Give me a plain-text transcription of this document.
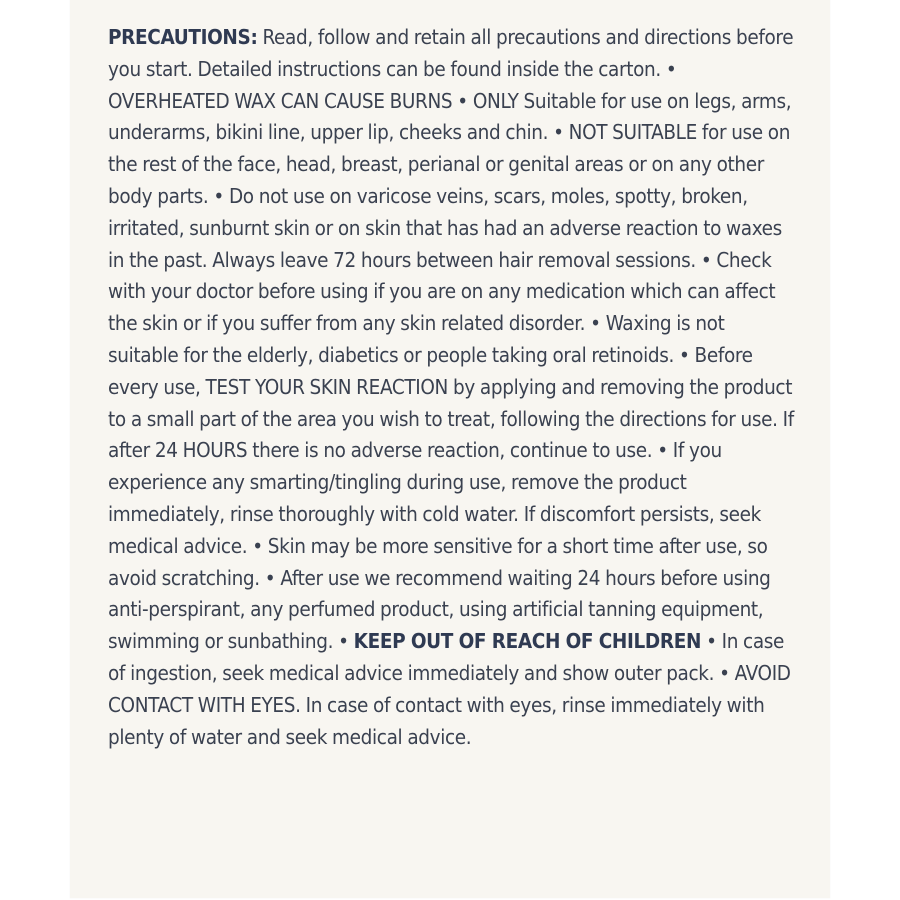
PRECAUTIONS: Read, follow and retain all precautions and directions before you start. Detailed instructions can be found inside the carton. • OVERHEATED WAX CAN CAUSE BURNS • ONLY Suitable for use on legs, arms, underarms, bikini line, upper lip, cheeks and chin. • NOT SUITABLE for use on the rest of the face, head, breast, perianal or genital areas or on any other body parts. • Do not use on varicose veins, scars, moles, spotty, broken, irritated, sunburnt skin or on skin that has had an adverse reaction to waxes in the past. Always leave 72 hours between hair removal sessions. • Check with your doctor before using if you are on any medication which can affect the skin or if you suffer from any skin related disorder. • Waxing is not suitable for the elderly, diabetics or people taking oral retinoids. • Before every use, TEST YOUR SKIN REACTION by applying and removing the product to a small part of the area you wish to treat, following the directions for use. If after 24 HOURS there is no adverse reaction, continue to use. • If you experience any smarting/tingling during use, remove the product immediately, rinse thoroughly with cold water. If discomfort persists, seek medical advice. • Skin may be more sensitive for a short time after use, so avoid scratching. • After use we recommend waiting 24 hours before using anti-perspirant, any perfumed product, using artificial tanning equipment, swimming or sunbathing. • KEEP OUT OF REACH OF CHILDREN • In case of ingestion, seek medical advice immediately and show outer pack. • AVOID CONTACT WITH EYES. In case of contact with eyes, rinse immediately with plenty of water and seek medical advice.
